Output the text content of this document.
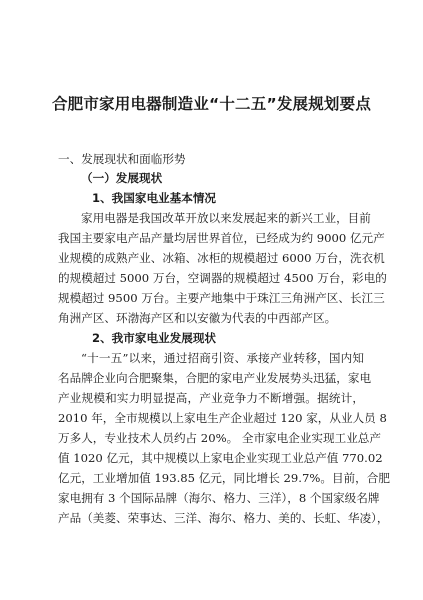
合肥市家用电器制造业“十二五”发展规划要点
一、发展现状和面临形势
（一）发展现状
1、我国家电业基本情况
家用电器是我国改革开放以来发展起来的新兴工业，目前
我国主要家电产品产量均居世界首位，已经成为约 9000 亿元产
业规模的成熟产业、冰箱、冰柜的规模超过 6000 万台，洗衣机
的规模超过 5000 万台，空调器的规模超过 4500 万台，彩电的
规模超过 9500 万台。主要产地集中于珠江三角洲产区、长江三
角洲产区、环渤海产区和以安徽为代表的中西部产区。
2、我市家电业发展现状
“十一五”以来，通过招商引资、承接产业转移，国内知
名品牌企业向合肥聚集，合肥的家电产业发展势头迅猛，家电
产业规模和实力明显提高，产业竞争力不断增强。据统计，
2010 年，全市规模以上家电生产企业超过 120 家，从业人员 8
万多人，专业技术人员约占 20%。 全市家电企业实现工业总产
值 1020 亿元，其中规模以上家电企业实现工业总产值 770.02
亿元，工业增加值 193.85 亿元，同比增长 29.7%。目前，合肥
家电拥有 3 个国际品牌（海尔、格力、三洋），8 个国家级名牌
产品（美菱、荣事达、三洋、海尔、格力、美的、长虹、华凌），
